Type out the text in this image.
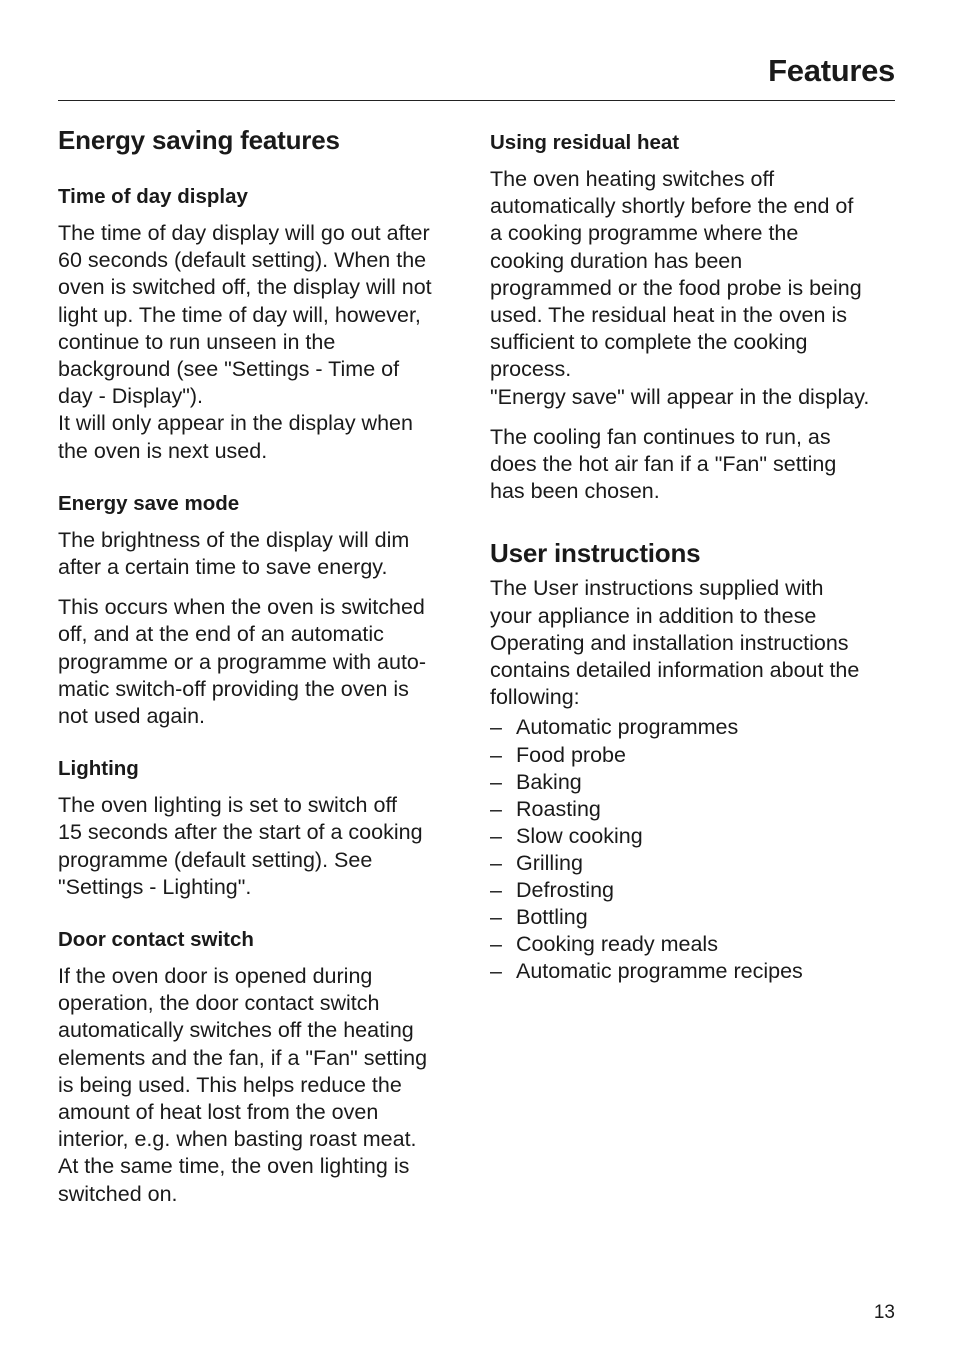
Features
Energy saving features
Time of day display

The time of day display will go out after
60 seconds (default setting). When the
oven is switched off, the display will not
light up. The time of day will, however,
continue to run unseen in the
background (see "Settings - Time of
day - Display").
It will only appear in the display when
the oven is next used.

Energy save mode

The brightness of the display will dim
after a certain time to save energy.

This occurs when the oven is switched
off, and at the end of an automatic
programme or a programme with auto-
matic switch-off providing the oven is
not used again.

Lighting

The oven lighting is set to switch off
15 seconds after the start of a cooking
programme (default setting). See
"Settings - Lighting".

Door contact switch

If the oven door is opened during
operation, the door contact switch
automatically switches off the heating
elements and the fan, if a "Fan" setting
is being used. This helps reduce the
amount of heat lost from the oven
interior, e.g. when basting roast meat.
At the same time, the oven lighting is
switched on.

Using residual heat

The oven heating switches off
automatically shortly before the end of
a cooking programme where the
cooking duration has been
programmed or the food probe is being
used. The residual heat in the oven is
sufficient to complete the cooking
process.
"Energy save" will appear in the display.

The cooling fan continues to run, as
does the hot air fan if a "Fan" setting
has been chosen.

User instructions

The User instructions supplied with
your appliance in addition to these
Operating and installation instructions
contains detailed information about the
following:

– Automatic programmes
– Food probe
– Baking
– Roasting
– Slow cooking
– Grilling
– Defrosting
– Bottling
– Cooking ready meals
– Automatic programme recipes
13
